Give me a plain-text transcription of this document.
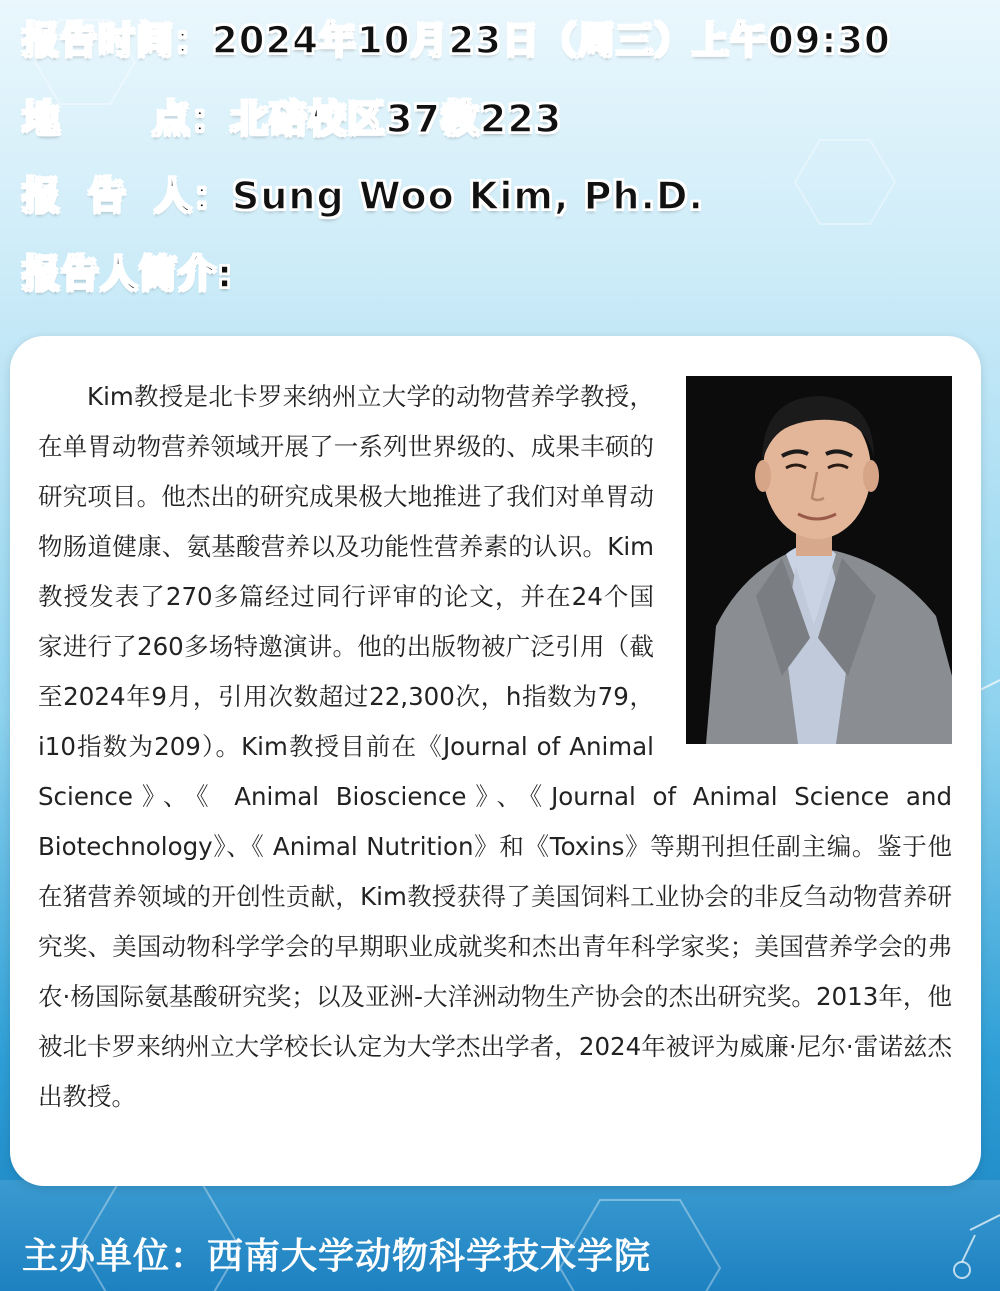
报告时间：2024年10月23日（周三）上午09:30
地 点：北碚校区37教223
报 告 人：Sung Woo Kim, Ph.D.
报告人简介:

Kim教授是北卡罗来纳州立大学的动物营养学教授，在单胃动物营养领域开展了一系列世界级的、成果丰硕的研究项目。他杰出的研究成果极大地推进了我们对单胃动物肠道健康、氨基酸营养以及功能性营养素的认识。Kim教授发表了270多篇经过同行评审的论文，并在24个国家进行了260多场特邀演讲。他的出版物被广泛引用（截至2024年9月，引用次数超过22,300次，h指数为79，i10指数为209）。Kim教授目前在《Journal of Animal Science》、《 Animal Bioscience》、《Journal of Animal Science and Biotechnology》、《 Animal Nutrition》和《Toxins》等期刊担任副主编。鉴于他在猪营养领域的开创性贡献，Kim教授获得了美国饲料工业协会的非反刍动物营养研究奖、美国动物科学学会的早期职业成就奖和杰出青年科学家奖；美国营养学会的弗农·杨国际氨基酸研究奖；以及亚洲-大洋洲动物生产协会的杰出研究奖。2013年，他被北卡罗来纳州立大学校长认定为大学杰出学者，2024年被评为威廉·尼尔·雷诺兹杰出教授。

主办单位：西南大学动物科学技术学院
